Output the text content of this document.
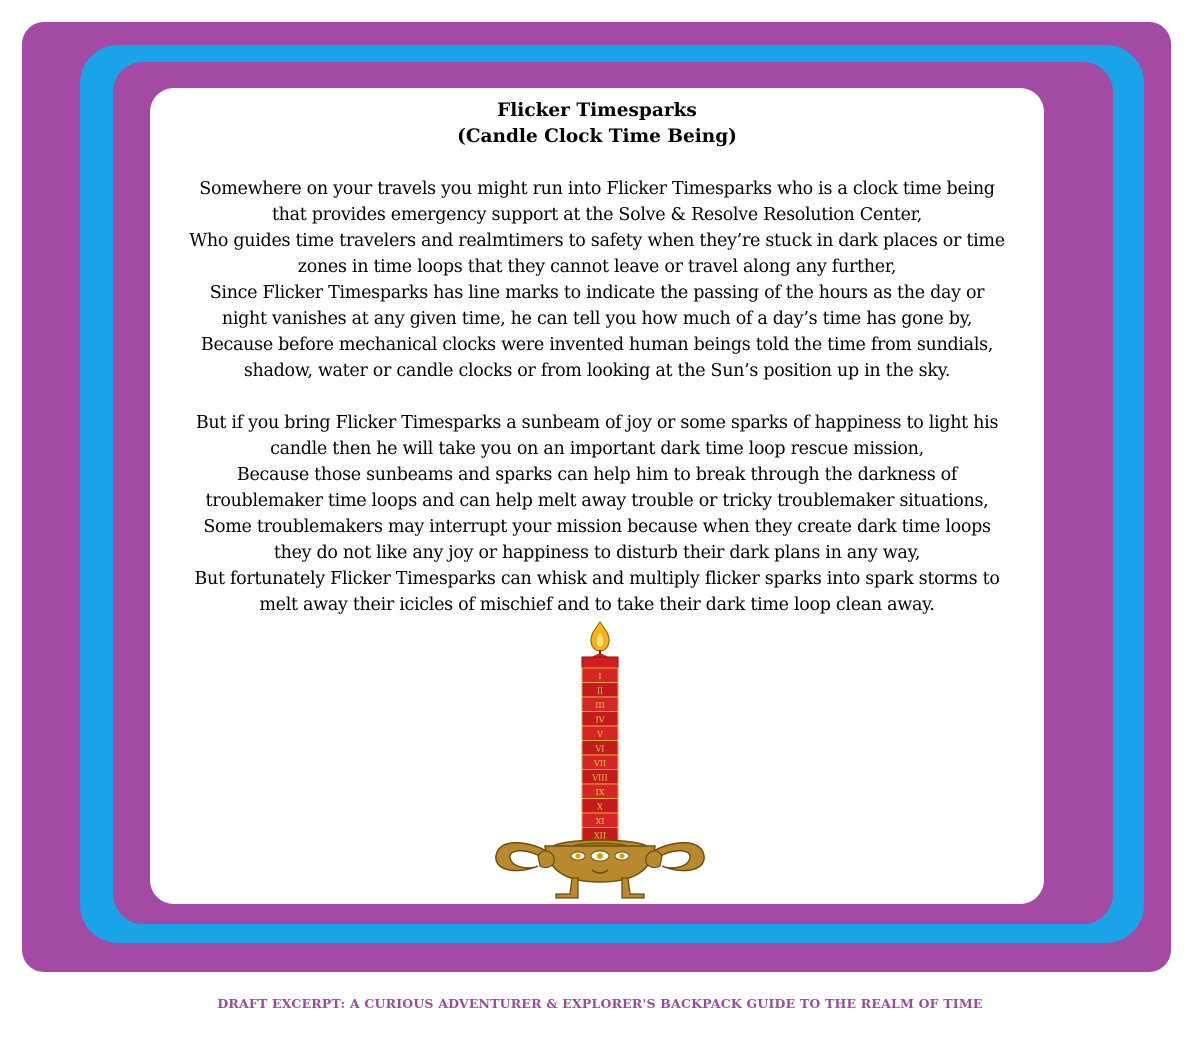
Flicker Timesparks
(Candle Clock Time Being)
Somewhere on your travels you might run into Flicker Timesparks who is a clock time being
that provides emergency support at the Solve & Resolve Resolution Center,
Who guides time travelers and realmtimers to safety when they’re stuck in dark places or time
zones in time loops that they cannot leave or travel along any further,
Since Flicker Timesparks has line marks to indicate the passing of the hours as the day or
night vanishes at any given time, he can tell you how much of a day’s time has gone by,
Because before mechanical clocks were invented human beings told the time from sundials,
shadow, water or candle clocks or from looking at the Sun’s position up in the sky.
But if you bring Flicker Timesparks a sunbeam of joy or some sparks of happiness to light his
candle then he will take you on an important dark time loop rescue mission,
Because those sunbeams and sparks can help him to break through the darkness of
troublemaker time loops and can help melt away trouble or tricky troublemaker situations,
Some troublemakers may interrupt your mission because when they create dark time loops
they do not like any joy or happiness to disturb their dark plans in any way,
But fortunately Flicker Timesparks can whisk and multiply flicker sparks into spark storms to
melt away their icicles of mischief and to take their dark time loop clean away.
I
II
III
IV
V
VI
VII
VIII
IX
X
XI
XII
DRAFT EXCERPT: A CURIOUS ADVENTURER & EXPLORER'S BACKPACK GUIDE TO THE REALM OF TIME
